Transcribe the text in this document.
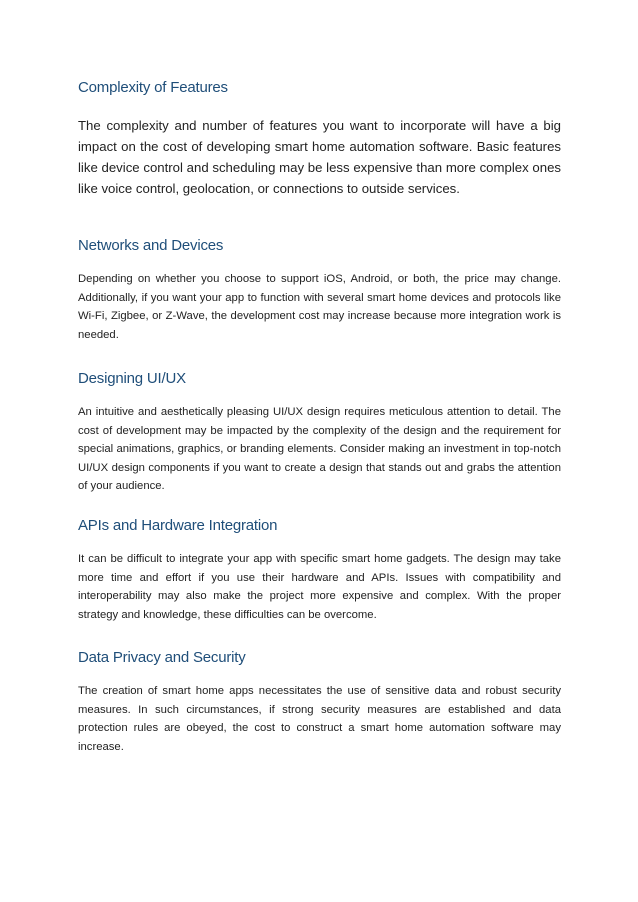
Complexity of Features

The complexity and number of features you want to incorporate will have a big impact on the cost of developing smart home automation software. Basic features like device control and scheduling may be less expensive than more complex ones like voice control, geolocation, or connections to outside services.

Networks and Devices

Depending on whether you choose to support iOS, Android, or both, the price may change. Additionally, if you want your app to function with several smart home devices and protocols like Wi-Fi, Zigbee, or Z-Wave, the development cost may increase because more integration work is needed.

Designing UI/UX

An intuitive and aesthetically pleasing UI/UX design requires meticulous attention to detail. The cost of development may be impacted by the complexity of the design and the requirement for special animations, graphics, or branding elements. Consider making an investment in top-notch UI/UX design components if you want to create a design that stands out and grabs the attention of your audience.

APIs and Hardware Integration

It can be difficult to integrate your app with specific smart home gadgets. The design may take more time and effort if you use their hardware and APIs. Issues with compatibility and interoperability may also make the project more expensive and complex. With the proper strategy and knowledge, these difficulties can be overcome.

Data Privacy and Security

The creation of smart home apps necessitates the use of sensitive data and robust security measures. In such circumstances, if strong security measures are established and data protection rules are obeyed, the cost to construct a smart home automation software may increase.
